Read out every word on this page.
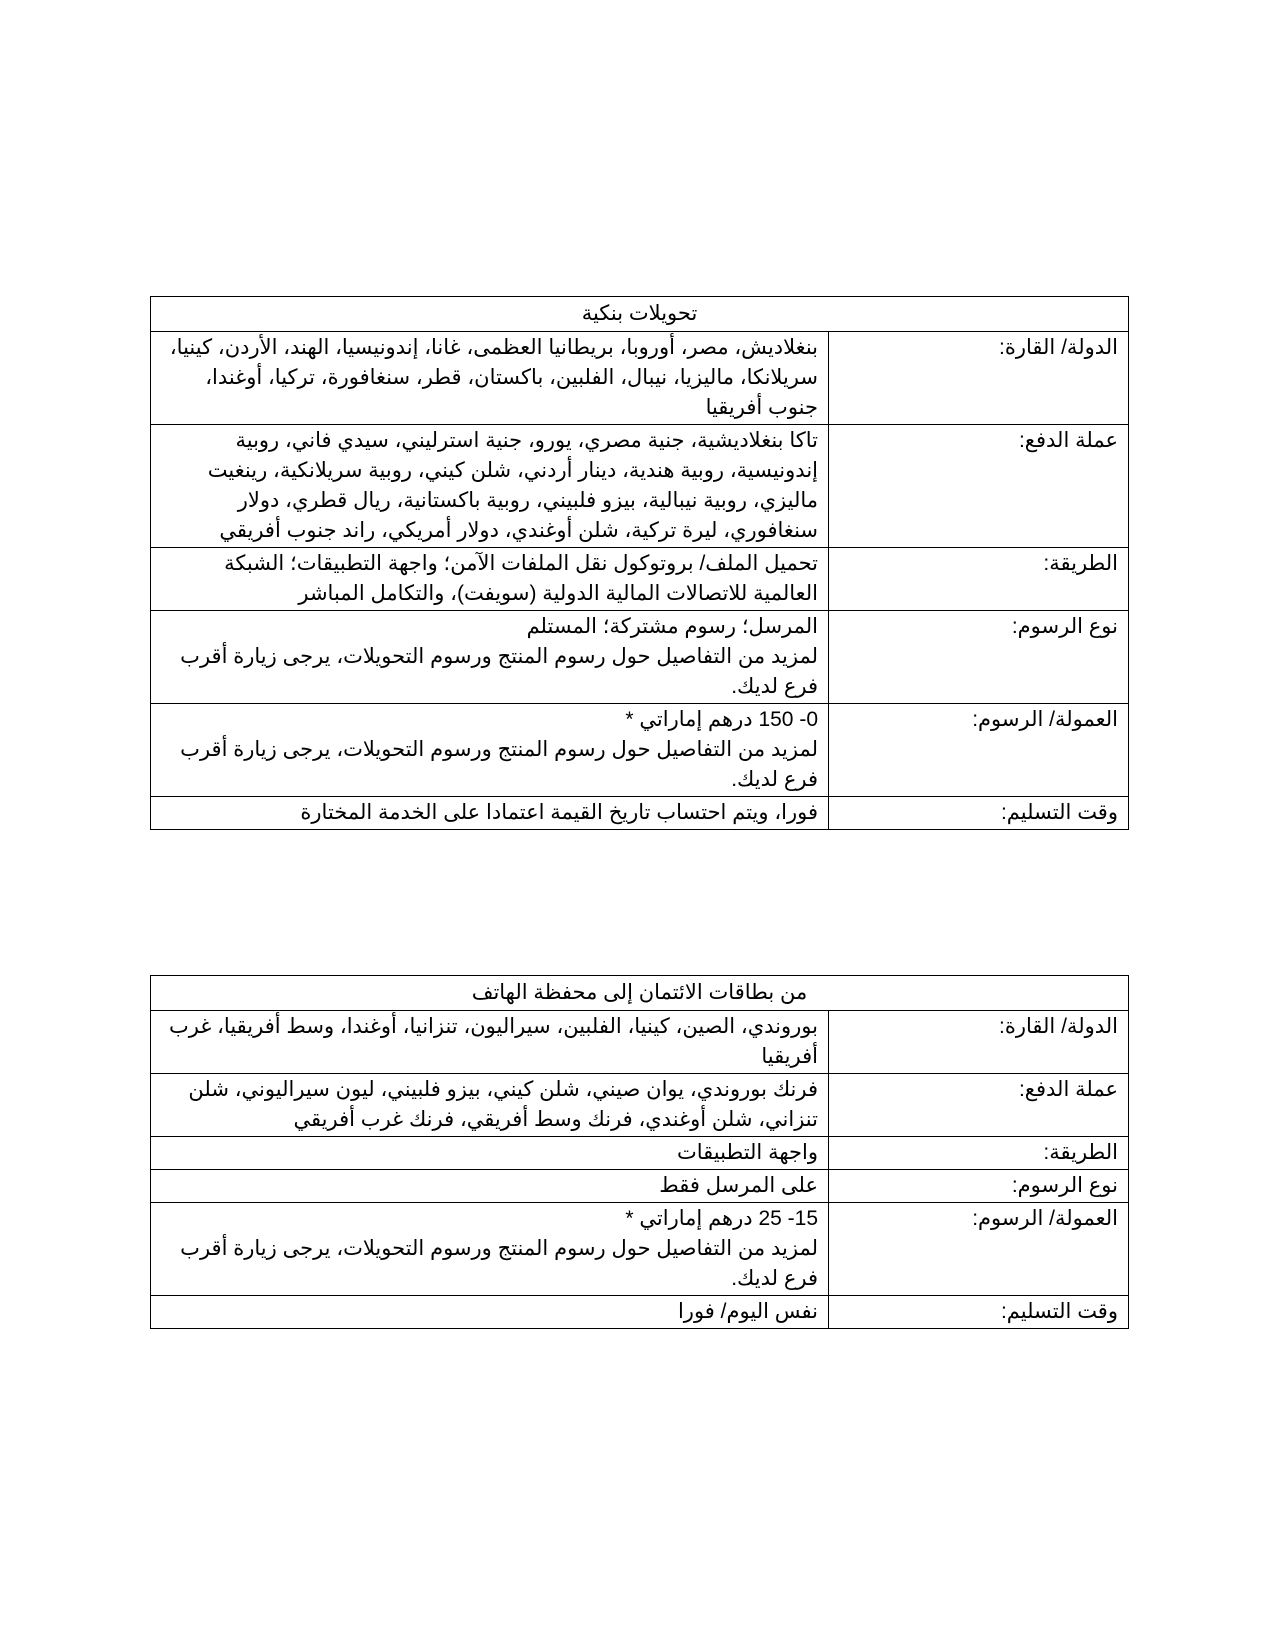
تحويلات بنكية	
الدولة/ القارة:	بنغلاديش، مصر، أوروبا، بريطانيا العظمى، غانا، إندونيسيا، الهند، الأردن، كينيا، سريلانكا، ماليزيا، نيبال، الفلبين، باكستان، قطر، سنغافورة، تركيا، أوغندا، جنوب أفريقيا

عملة الدفع:	تاكا بنغلاديشية، جنية مصري، يورو، جنية استرليني، سيدي فاني، روبية إندونيسية، روبية هندية، دينار أردني، شلن كيني، روبية سريلانكية، رينغيت ماليزي، روبية نيبالية، بيزو فلبيني، روبية باكستانية، ريال قطري، دولار سنغافوري، ليرة تركية، شلن أوغندي، دولار أمريكي، راند جنوب أفريقي

الطريقة:	تحميل الملف/ بروتوكول نقل الملفات الآمن؛ واجهة التطبيقات؛ الشبكة العالمية للاتصالات المالية الدولية (سويفت)، والتكامل المباشر

نوع الرسوم:	المرسل؛ رسوم مشتركة؛ المستلم
لمزيد من التفاصيل حول رسوم المنتج ورسوم التحويلات، يرجى زيارة أقرب فرع لديك.

العمولة/ الرسوم:	0- 150 درهم إماراتي *
لمزيد من التفاصيل حول رسوم المنتج ورسوم التحويلات، يرجى زيارة أقرب فرع لديك.

وقت التسليم:	فورا، ويتم احتساب تاريخ القيمة اعتمادا على الخدمة المختارة
من بطاقات الائتمان إلى محفظة الهاتف	
الدولة/ القارة:	بوروندي، الصين، كينيا، الفلبين، سيراليون، تنزانيا، أوغندا، وسط أفريقيا، غرب أفريقيا

عملة الدفع:	فرنك بوروندي، يوان صيني، شلن كيني، بيزو فلبيني، ليون سيراليوني، شلن تنزاني، شلن أوغندي، فرنك وسط أفريقي، فرنك غرب أفريقي

الطريقة:	واجهة التطبيقات

نوع الرسوم:	على المرسل فقط

العمولة/ الرسوم:	15- 25 درهم إماراتي *
لمزيد من التفاصيل حول رسوم المنتج ورسوم التحويلات، يرجى زيارة أقرب فرع لديك.

وقت التسليم:	نفس اليوم/ فورا
